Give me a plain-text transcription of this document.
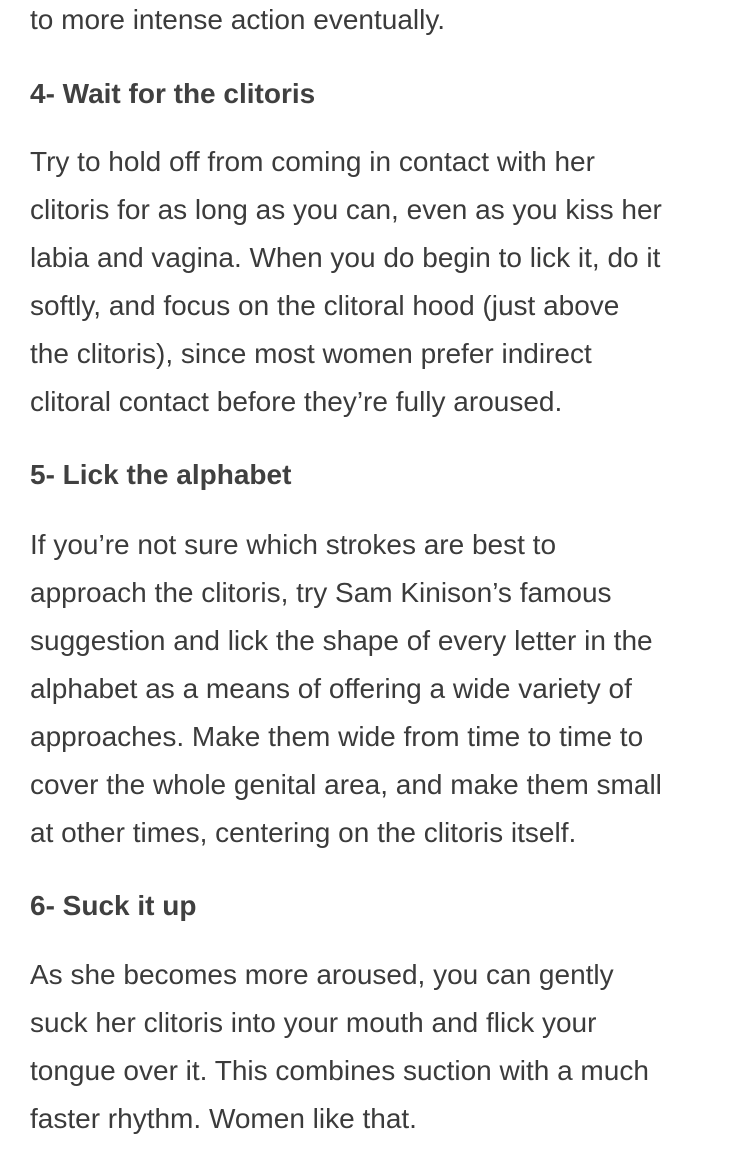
to more intense action eventually.

4- Wait for the clitoris
Try to hold off from coming in contact with her
clitoris for as long as you can, even as you kiss her
labia and vagina. When you do begin to lick it, do it
softly, and focus on the clitoral hood (just above
the clitoris), since most women prefer indirect
clitoral contact before they’re fully aroused.
5- Lick the alphabet
If you’re not sure which strokes are best to
approach the clitoris, try Sam Kinison’s famous
suggestion and lick the shape of every letter in the
alphabet as a means of offering a wide variety of
approaches. Make them wide from time to time to
cover the whole genital area, and make them small
at other times, centering on the clitoris itself.
6- Suck it up
As she becomes more aroused, you can gently
suck her clitoris into your mouth and flick your
tongue over it. This combines suction with a much
faster rhythm. Women like that.
